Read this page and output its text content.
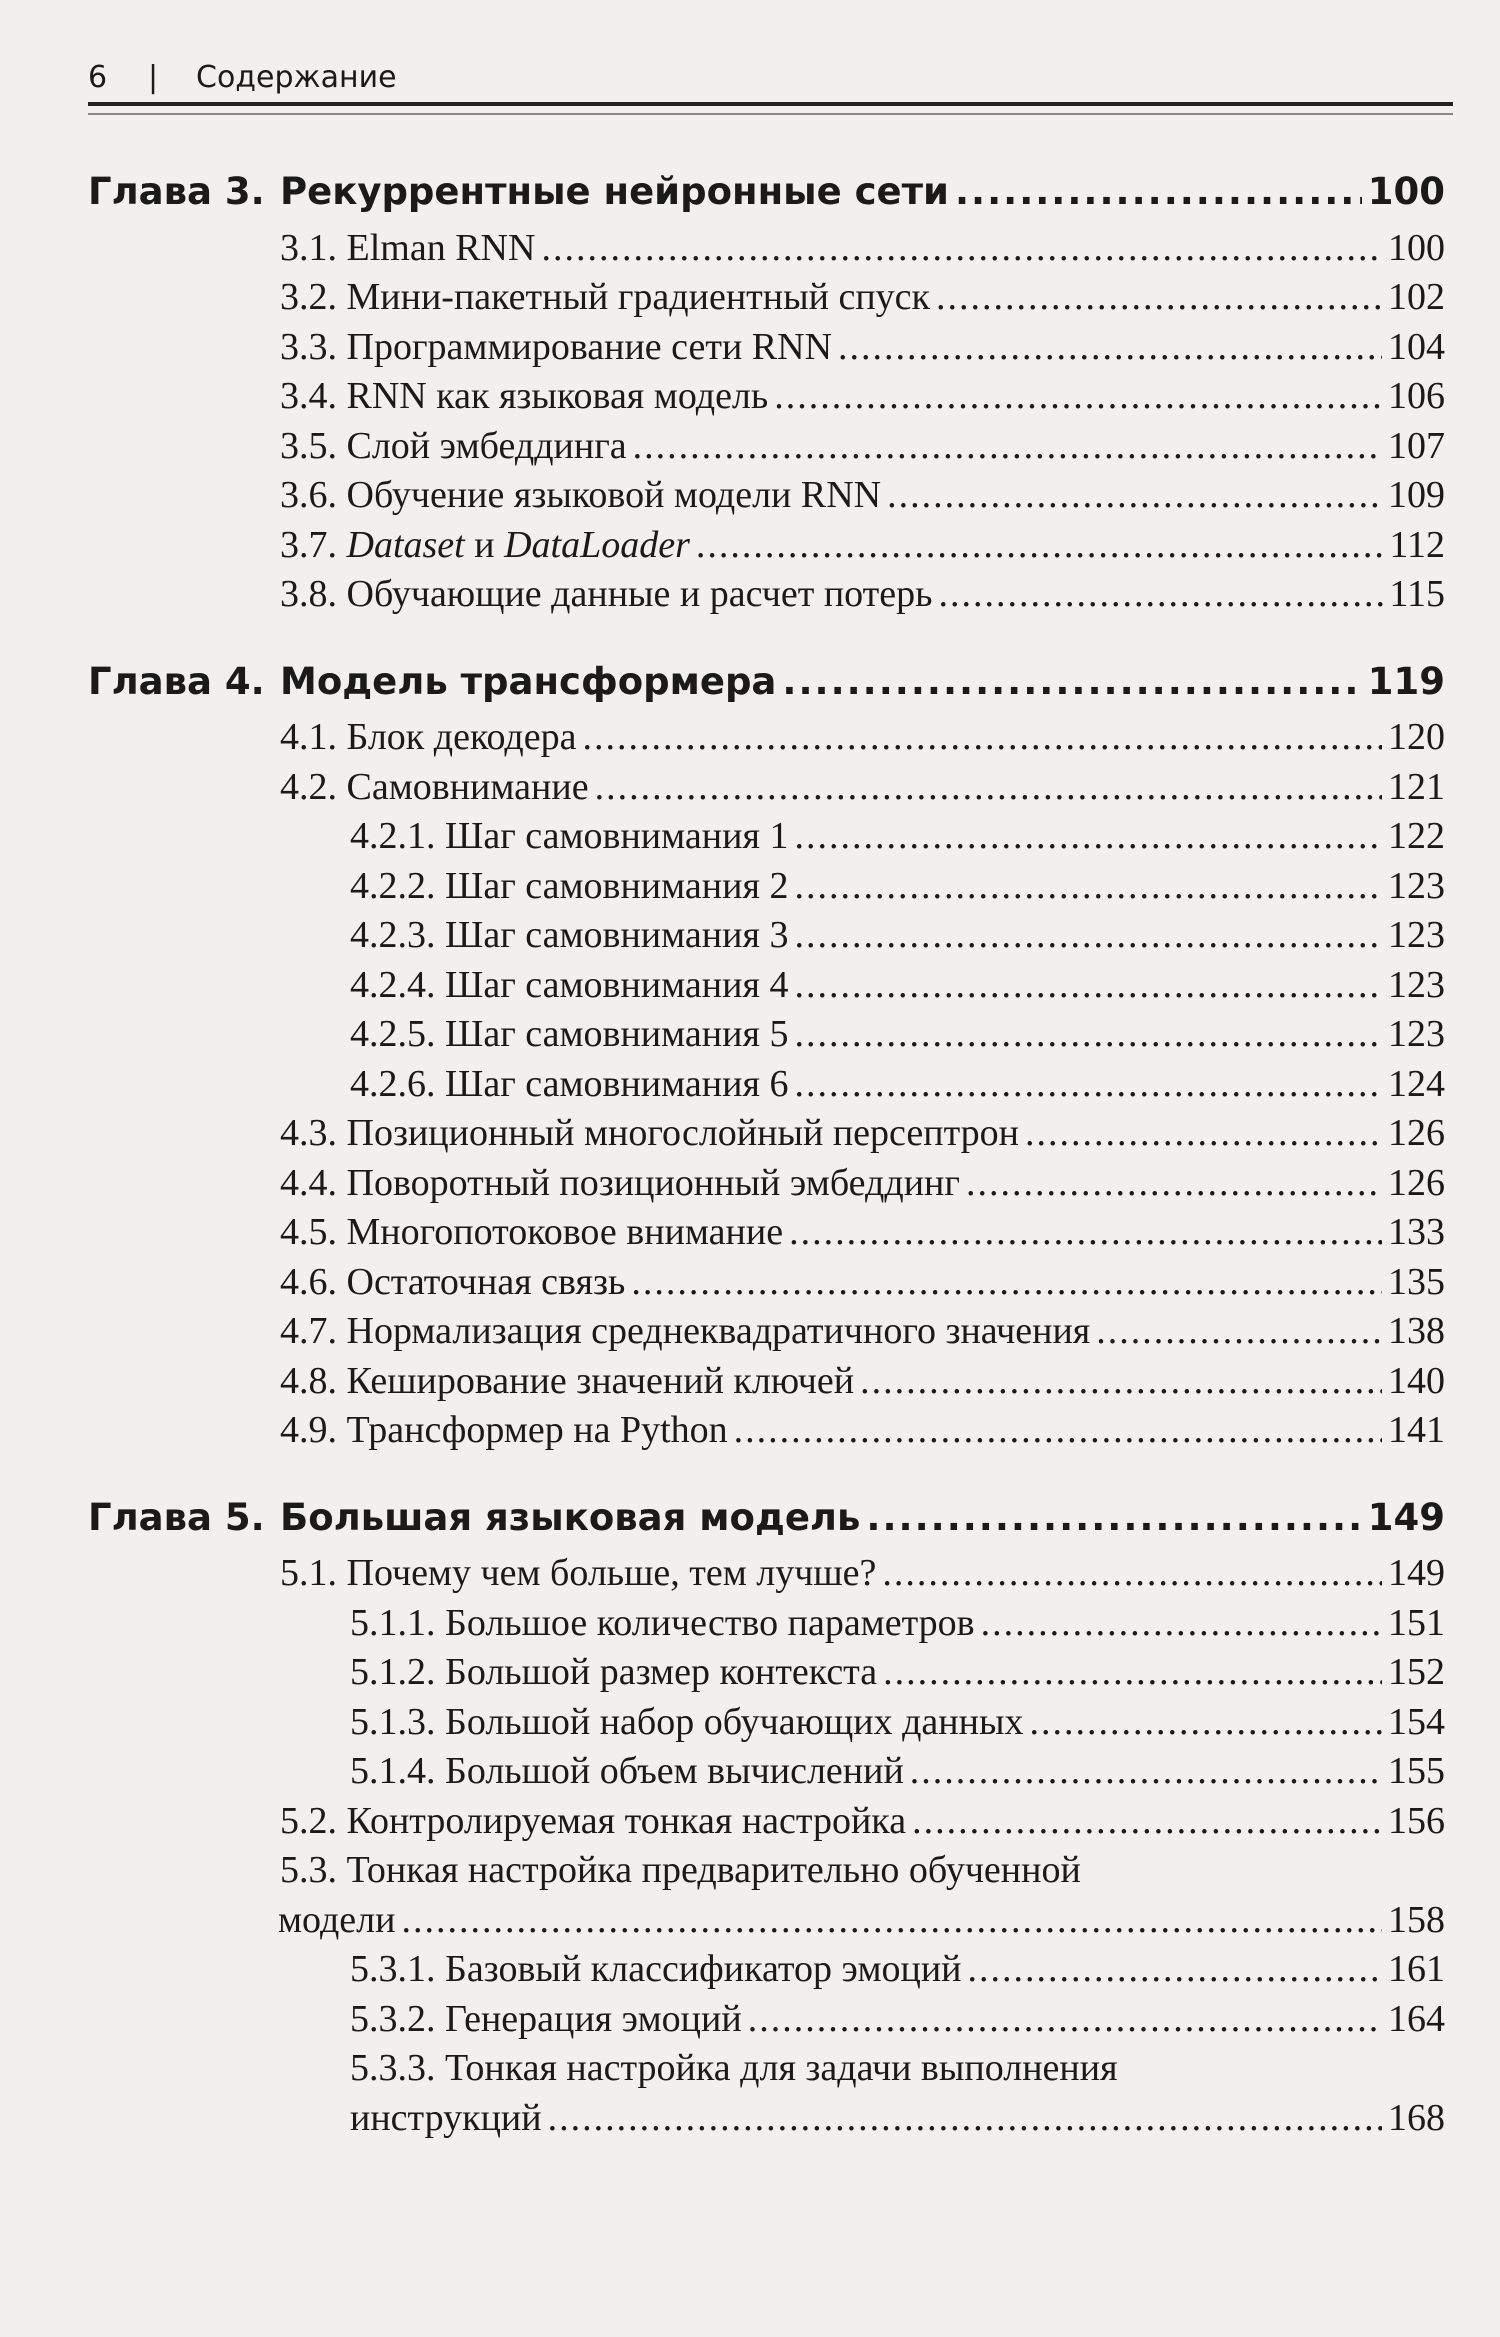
6	|	Содержание
Глава 3. Рекуррентные нейронные сети .....	100
3.1. Elman RNN .....	100
3.2. Мини-пакетный градиентный спуск .....	102
3.3. Программирование сети RNN .....	104
3.4. RNN как языковая модель .....	106
3.5. Слой эмбеддинга .....	107
3.6. Обучение языковой модели RNN .....	109
3.7. Dataset и DataLoader .....	112
3.8. Обучающие данные и расчет потерь .....	115
Глава 4. Модель трансформера .....	119
4.1. Блок декодера .....	120
4.2. Самовнимание .....	121
4.2.1. Шаг самовнимания 1 .....	122
4.2.2. Шаг самовнимания 2 .....	123
4.2.3. Шаг самовнимания 3 .....	123
4.2.4. Шаг самовнимания 4 .....	123
4.2.5. Шаг самовнимания 5 .....	123
4.2.6. Шаг самовнимания 6 .....	124
4.3. Позиционный многослойный персептрон .....	126
4.4. Поворотный позиционный эмбеддинг .....	126
4.5. Многопотоковое внимание .....	133
4.6. Остаточная связь .....	135
4.7. Нормализация среднеквадратичного значения .....	138
4.8. Кеширование значений ключей .....	140
4.9. Трансформер на Python .....	141
Глава 5. Большая языковая модель .....	149
5.1. Почему чем больше, тем лучше? .....	149
5.1.1. Большое количество параметров .....	151
5.1.2. Большой размер контекста .....	152
5.1.3. Большой набор обучающих данных .....	154
5.1.4. Большой объем вычислений .....	155
5.2. Контролируемая тонкая настройка .....	156
5.3. Тонкая настройка предварительно обученной
модели .....	158
5.3.1. Базовый классификатор эмоций .....	161
5.3.2. Генерация эмоций .....	164
5.3.3. Тонкая настройка для задачи выполнения
инструкций .....	168
